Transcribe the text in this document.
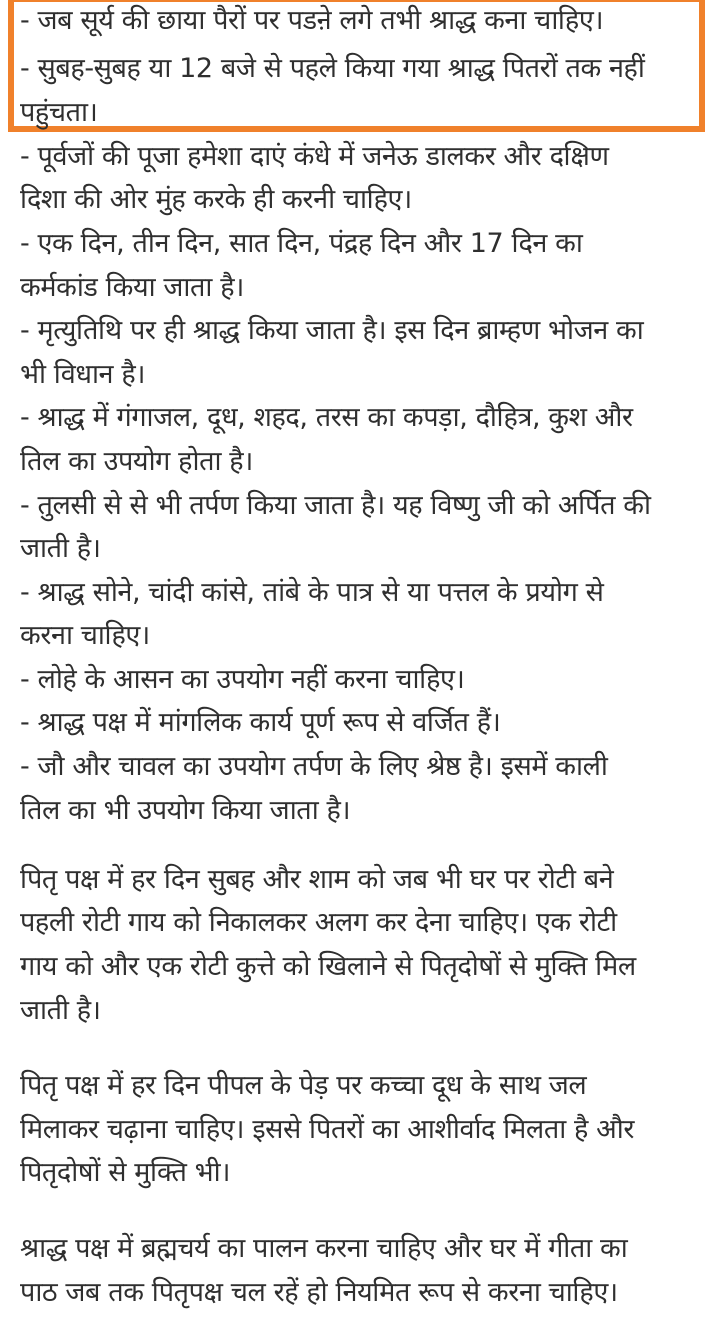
- जब सूर्य की छाया पैरों पर पडऩे लगे तभी श्राद्ध कना चाहिए।
- सुबह-सुबह या 12 बजे से पहले किया गया श्राद्ध पितरों तक नहीं
पहुंचता।
- पूर्वजों की पूजा हमेशा दाएं कंधे में जनेऊ डालकर और दक्षिण
दिशा की ओर मुंह करके ही करनी चाहिए।
- एक दिन, तीन दिन, सात दिन, पंद्रह दिन और 17 दिन का
कर्मकांड किया जाता है।
- मृत्युतिथि पर ही श्राद्ध किया जाता है। इस दिन ब्राम्हण भोजन का
भी विधान है।
- श्राद्ध में गंगाजल, दूध, शहद, तरस का कपड़ा, दौहित्र, कुश और
तिल का उपयोग होता है।
- तुलसी से से भी तर्पण किया जाता है। यह विष्णु जी को अर्पित की
जाती है।
- श्राद्ध सोने, चांदी कांसे, तांबे के पात्र से या पत्तल के प्रयोग से
करना चाहिए।
- लोहे के आसन का उपयोग नहीं करना चाहिए।
- श्राद्ध पक्ष में मांगलिक कार्य पूर्ण रूप से वर्जित हैं।
- जौ और चावल का उपयोग तर्पण के लिए श्रेष्ठ है। इसमें काली
तिल का भी उपयोग किया जाता है।
पितृ पक्ष में हर दिन सुबह और शाम को जब भी घर पर रोटी बने
पहली रोटी गाय को निकालकर अलग कर देना चाहिए। एक रोटी
गाय को और एक रोटी कुत्ते को खिलाने से पितृदोषों से मुक्ति मिल
जाती है।
पितृ पक्ष में हर दिन पीपल के पेड़ पर कच्चा दूध के साथ जल
मिलाकर चढ़ाना चाहिए। इससे पितरों का आशीर्वाद मिलता है और
पितृदोषों से मुक्ति भी।
श्राद्ध पक्ष में ब्रह्मचर्य का पालन करना चाहिए और घर में गीता का
पाठ जब तक पितृपक्ष चल रहें हो नियमित रूप से करना चाहिए।
